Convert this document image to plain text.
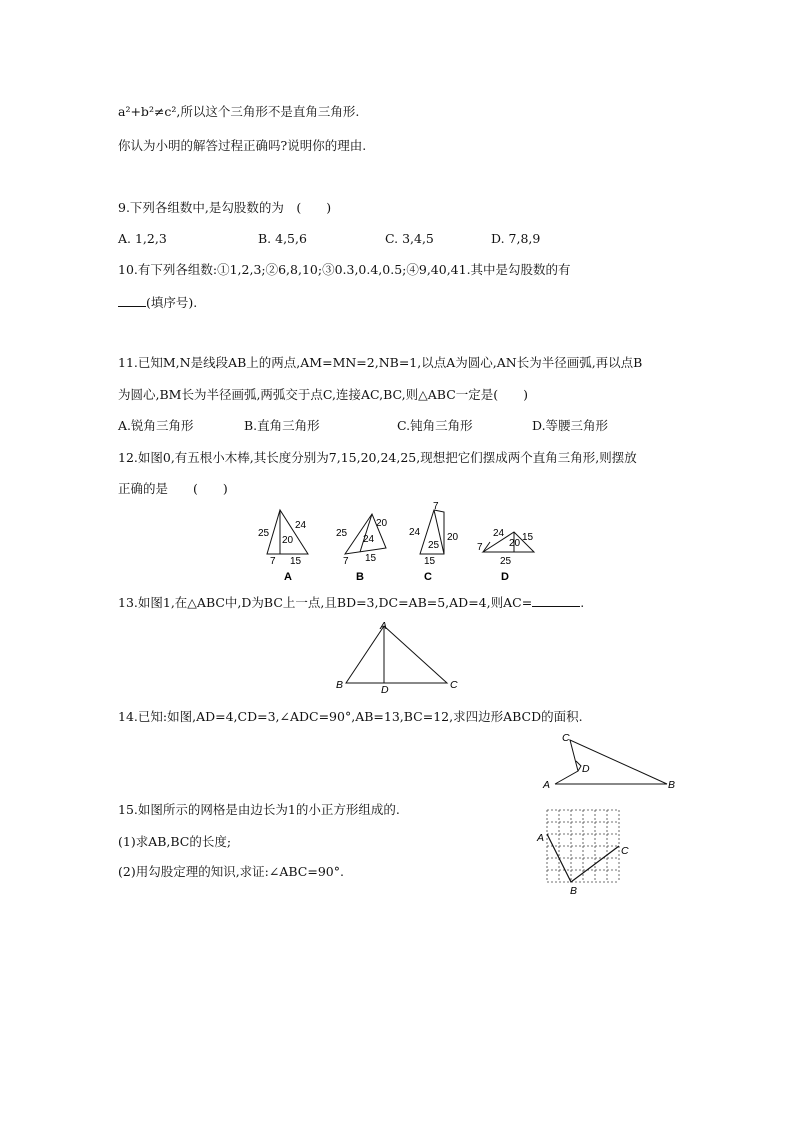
a²+b²≠c²,所以这个三角形不是直角三角形.
你认为小明的解答过程正确吗?说明你的理由.
9.下列各组数中,是勾股数的为　(　　)
A. 1,2,3	B. 4,5,6	C. 3,4,5	D. 7,8,9
10.有下列各组数:①1,2,3;②6,8,10;③0.3,0.4,0.5;④9,40,41.其中是勾股数的有
(填序号).
11.已知M,N是线段AB上的两点,AM=MN=2,NB=1,以点A为圆心,AN长为半径画弧,再以点B
为圆心,BM长为半径画弧,两弧交于点C,连接AC,BC,则△ABC一定是(　　)
A.锐角三角形	B.直角三角形	C.钝角三角形	D.等腰三角形
12.如图0,有五根小木棒,其长度分别为7,15,20,24,25,现想把它们摆成两个直角三角形,则摆放
正确的是　　(　　)
25
24
20
7 15
A
25
20
24
7 15
B
7
24	20
25
15
C
24
20
15
7
25
D
13.如图1,在△ABC中,D为BC上一点,且BD=3,DC=AB=5,AD=4,则AC=	.
A
B	D	C
14.已知:如图,AD=4,CD=3,∠ADC=90°,AB=13,BC=12,求四边形ABCD的面积.
C
D
A	B
15.如图所示的网格是由边长为1的小正方形组成的.
(1)求AB,BC的长度;
(2)用勾股定理的知识,求证:∠ABC=90°.
A
C
B
